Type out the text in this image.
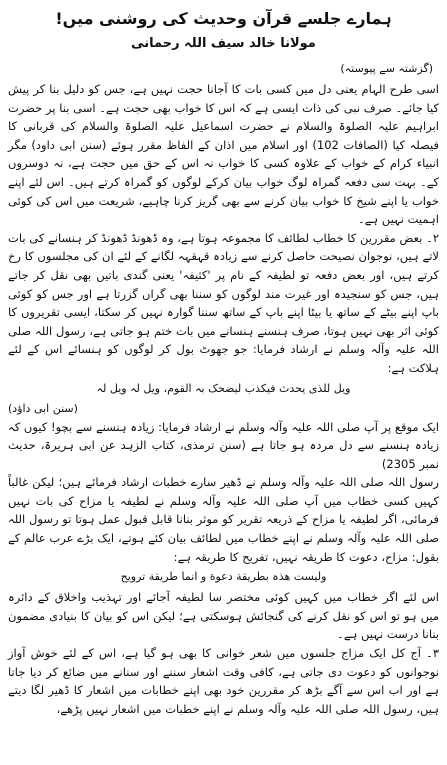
ہمارے جلسے قرآن وحدیث کی روشنی میں!
مولانا خالد سیف اللہ رحمانی
(گزشتہ سے پیوستہ)

اسی طرح الہام یعنی دل میں کسی بات کا آجانا حجت نہیں ہے، جس کو دلیل بنا کر پیش کیا جائے۔ صرف نبی کی ذات ایسی ہے کہ اس کا خواب بھی حجت ہے۔ اسی بنا پر حضرت ابراہیم علیہ الصلوۃ والسلام نے حضرت اسماعیل علیہ الصلوۃ والسلام کی قربانی کا فیصلہ کیا (الصافات 102) اور اسلام میں اذان کے الفاظ مقرر ہوئے (سنن ابی داود) مگر انبیاء کرام کے خواب کے علاوہ کسی کا خواب نہ اس کے حق میں حجت ہے، نہ دوسروں کے۔ بہت سی دفعہ گمراہ لوگ خواب بیان کرکے لوگوں کو گمراہ کرتے ہیں۔ اس لئے اپنے خواب یا اپنے شیخ کا خواب بیان کرنے سے بھی گریز کرنا چاہیے، شریعت میں اس کی کوئی اہمیت نہیں ہے۔

۲۔ بعض مقررین کا خطاب لطائف کا مجموعہ ہوتا ہے، وہ ڈھونڈ ڈھونڈ کر ہنسانے کی بات لاتے ہیں، نوجوان نصیحت حاصل کرنے سے زیادہ قہقہہ لگانے کے لئے ان کی مجلسوں کا رخ کرتے ہیں، اور بعض دفعہ تو لطیفہ کے نام پر 'کثیفہ' یعنی گندی باتیں بھی نقل کر جاتے ہیں، جس کو سنجیدہ اور غیرت مند لوگوں کو سننا بھی گراں گزرتا ہے اور جس کو کوئی باپ اپنے بیٹے کے ساتھ یا بیٹا اپنے باپ کے ساتھ سننا گوارہ نہیں کر سکتا، ایسی تقریروں کا کوئی اثر بھی نہیں ہوتا، صرف ہنسنے ہنسانے میں بات ختم ہو جاتی ہے، رسول اللہ صلی اللہ علیہ وآلہ وسلم نے ارشاد فرمایا: جو جھوٹ بول کر لوگوں کو ہنسائے اس کے لئے ہلاکت ہے:

ویل للذی یحدث فیکذب لیضحک بہ القوم، ویل لہ ویل لہ
(سنن ابی داؤد)

ایک موقع پر آپ صلی اللہ علیہ وآلہ وسلم نے ارشاد فرمایا: زیادہ ہنسنے سے بچو! کیوں کہ زیادہ ہنسنے سے دل مردہ ہو جاتا ہے (سنن ترمذی، کتاب الزہد عن ابی ہریرۃ، حدیث نمبر 2305)

رسول اللہ صلی اللہ علیہ وآلہ وسلم نے ڈھیر سارے خطبات ارشاد فرمائے ہیں؛ لیکن غالباً کہیں کسی خطاب میں آپ صلی اللہ علیہ وآلہ وسلم نے لطیفہ یا مزاح کی بات نہیں فرمائی، اگر لطیفہ یا مزاح کے ذریعہ تقریر کو موثر بنانا قابل قبول عمل ہوتا تو رسول اللہ صلی اللہ علیہ وآلہ وسلم نے اپنے خطاب میں لطائف بیان کئے ہوتے، ایک بڑے عرب عالم کے بقول: مزاح، دعوت کا طریقہ نہیں، تفریح کا طریقہ ہے:

ولیست ھذہ بطریقة دعوة و انما طریقة ترویح

اس لئے اگر خطاب میں کہیں کوئی مختصر سا لطیفہ آجائے اور تہذیب واخلاق کے دائرہ میں ہو تو اس کو نقل کرنے کی گنجائش ہوسکتی ہے؛ لیکن اس کو بیان کا بنیادی مضمون بنانا درست نہیں ہے۔

۳۔ آج کل ایک مزاج جلسوں میں شعر خوانی کا بھی ہو گیا ہے، اس کے لئے خوش آواز نوجوانوں کو دعوت دی جاتی ہے، کافی وقت اشعار سننے اور سنانے میں ضائع کر دیا جاتا ہے اور اب اس سے آگے بڑھ کر مقررین خود بھی اپنے خطابات میں اشعار کا ڈھیر لگا دیتے ہیں، رسول اللہ صلی اللہ علیہ وآلہ وسلم نے اپنے خطبات میں اشعار نہیں پڑھے،
